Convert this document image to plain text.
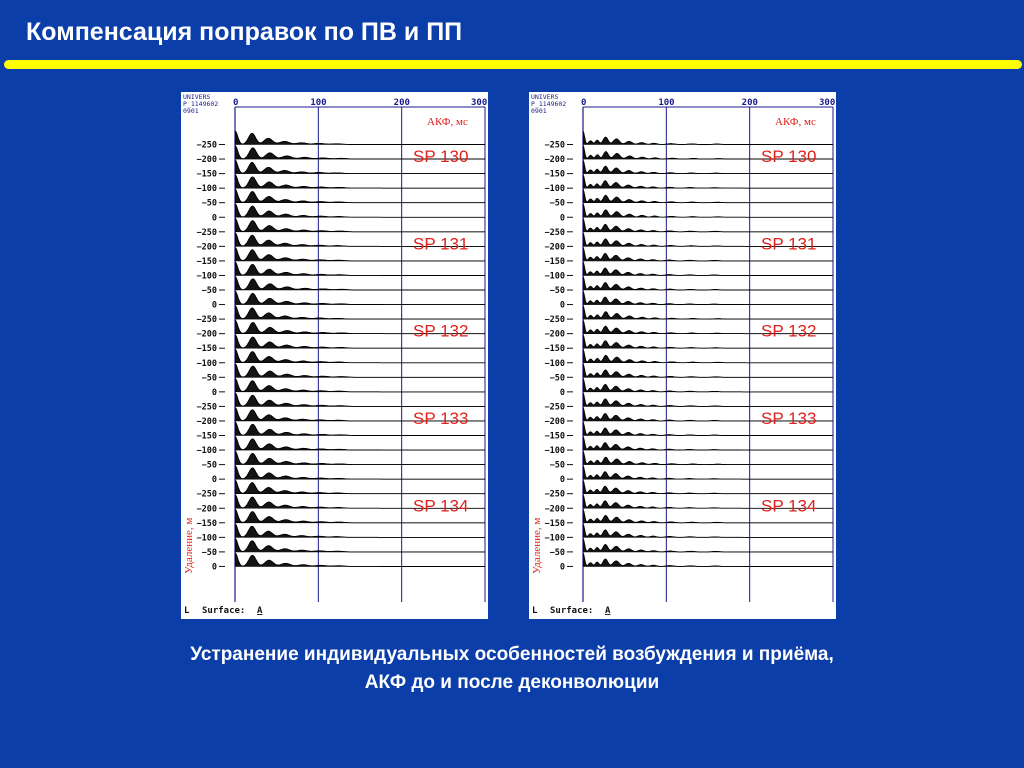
Компенсация поправок по ПВ и ПП
UNIVERS
P_1149602
0901
0	100	200	300
АКФ, мс
−250
−200
−150
−100
−50
0
SP 130
−250
−200
−150
−100
−50
0
SP 131
−250
−200
−150
−100
−50
0
SP 132
−250
−200
−150
−100
−50
0
SP 133
−250
−200
−150
−100
−50
0
SP 134
Удаление, м
L Surface: A
UNIVERS
P_1149602
0901
0	100	200	300
АКФ, мс
−250
−200
−150
−100
−50
0
SP 130
−250
−200
−150
−100
−50
0
SP 131
−250
−200
−150
−100
−50
0
SP 132
−250
−200
−150
−100
−50
0
SP 133
−250
−200
−150
−100
−50
0
SP 134
Удаление, м
L Surface: A
Устранение индивидуальных особенностей возбуждения и приёма,
АКФ до и после деконволюции
